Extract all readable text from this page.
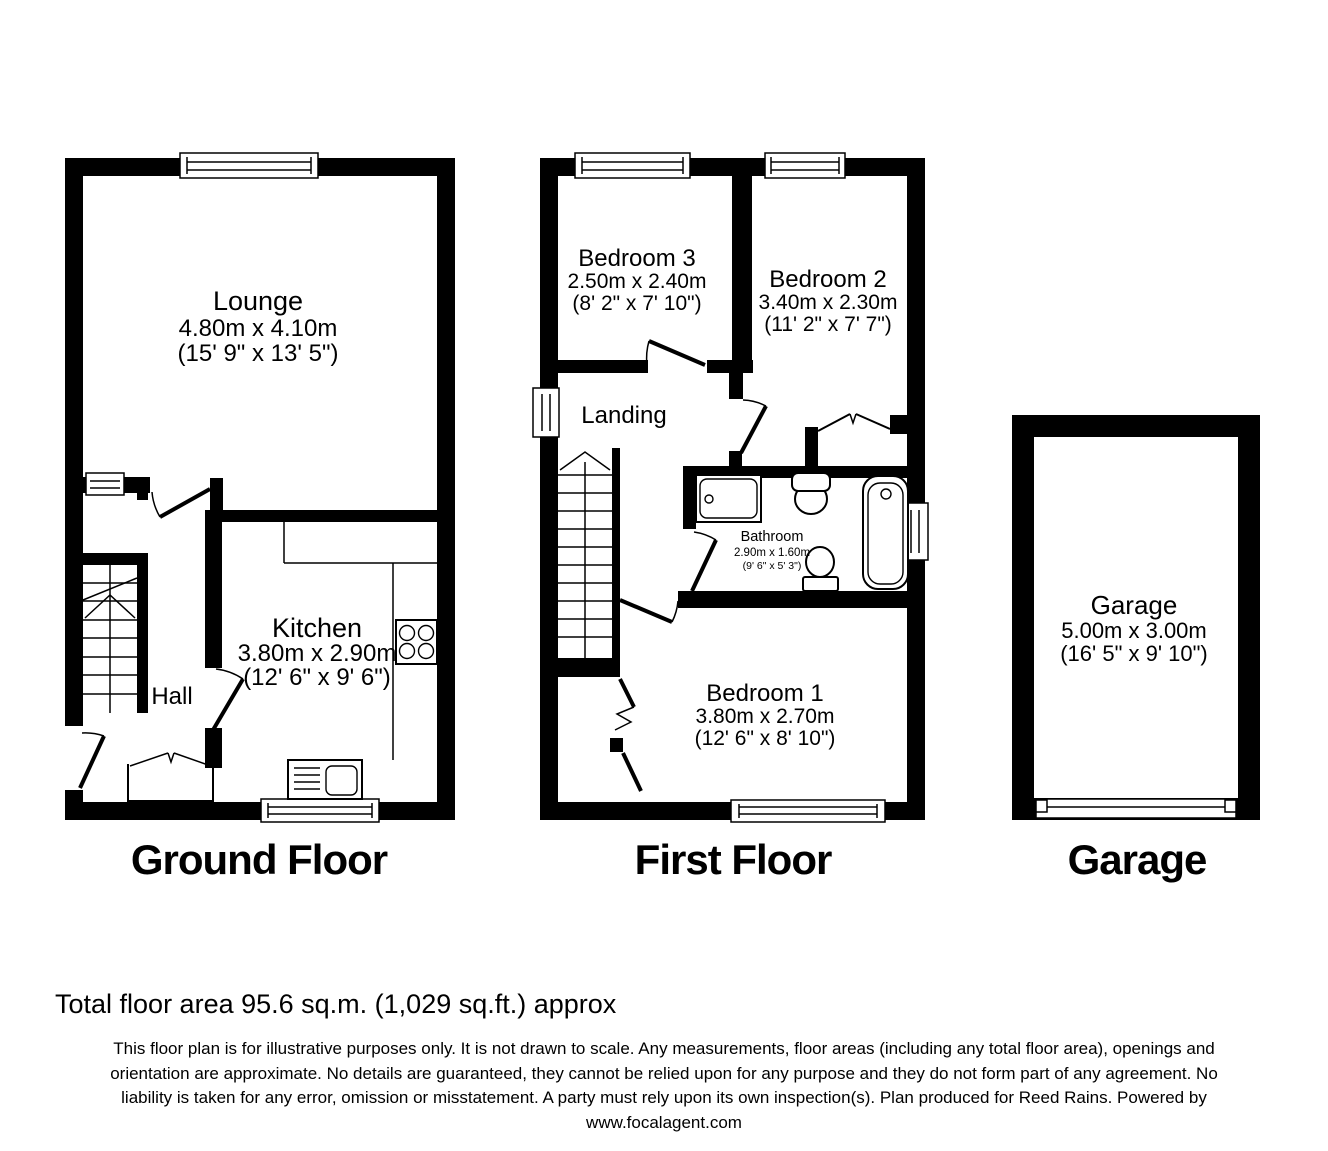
Lounge
4.80m x 4.10m
(15' 9" x 13' 5")
Kitchen
3.80m x 2.90m
(12' 6" x 9' 6")
Hall
Bedroom 3
2.50m x 2.40m
(8' 2" x 7' 10")
Bedroom 2
3.40m x 2.30m
(11' 2" x 7' 7")
Landing
Bathroom
2.90m x 1.60m
(9' 6" x 5' 3")
Bedroom 1
3.80m x 2.70m
(12' 6" x 8' 10")
Garage
5.00m x 3.00m
(16' 5" x 9' 10")
Ground Floor	First Floor	Garage
Total floor area 95.6 sq.m. (1,029 sq.ft.) approx
This floor plan is for illustrative purposes only. It is not drawn to scale. Any measurements, floor areas (including any total floor area), openings and
orientation are approximate. No details are guaranteed, they cannot be relied upon for any purpose and they do not form part of any agreement. No
liability is taken for any error, omission or misstatement. A party must rely upon its own inspection(s). Plan produced for Reed Rains. Powered by
www.focalagent.com
